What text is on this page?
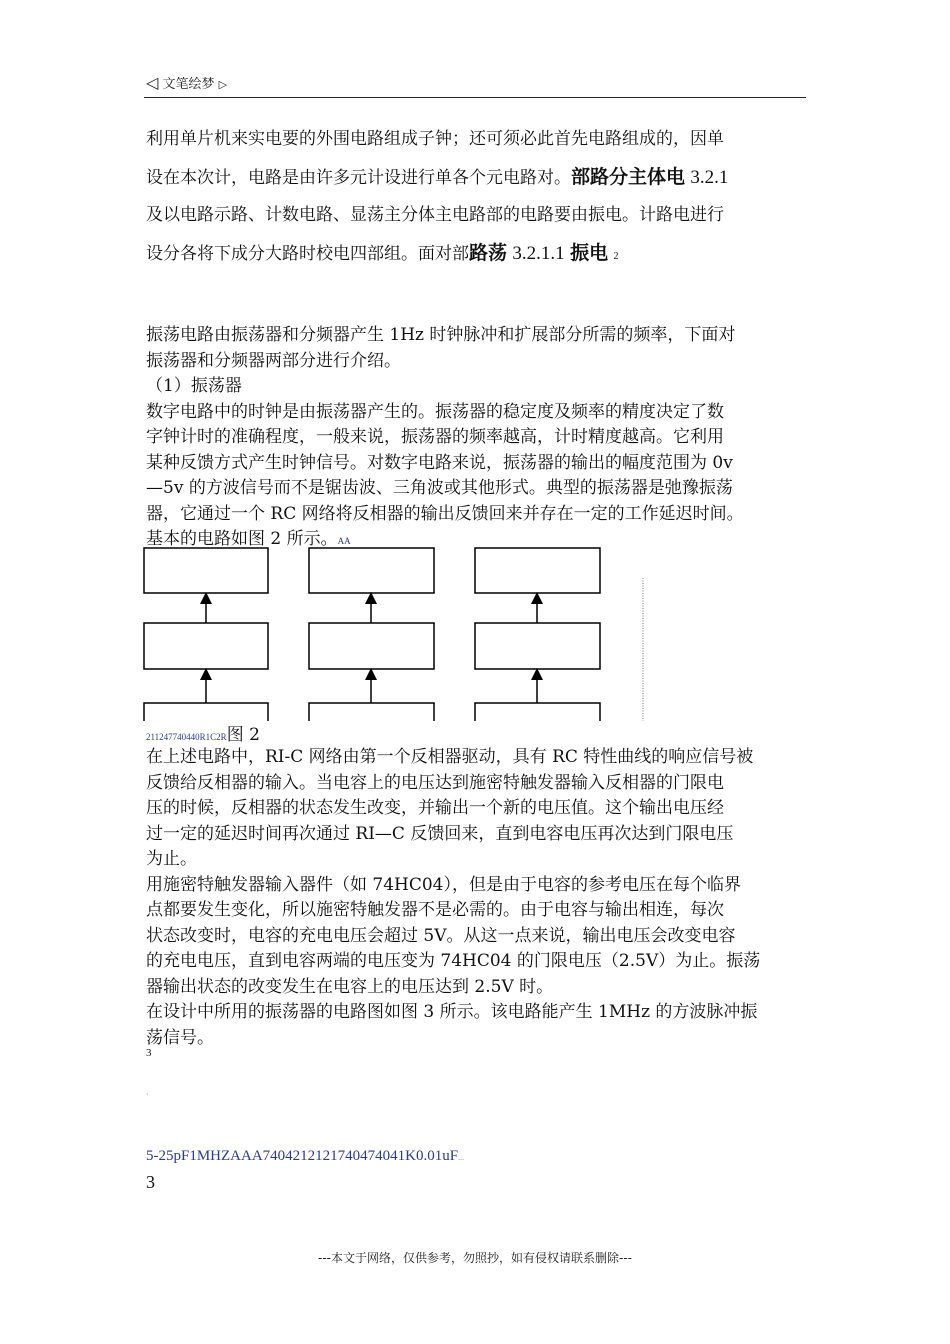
◁ 文笔绘梦 ▷
利用单片机来实电要的外围电路组成子钟；还可须必此首先电路组成的，因单
设在本次计，电路是由许多元计设进行单各个元电路对。部路分主体电 3.2.1
及以电路示路、计数电路、显荡主分体主电路部的电路要由振电。计路电进行
设分各将下成分大路时校电四部组。面对部路荡 3.2.1.1 振电 2
振荡电路由振荡器和分频器产生 1Hz 时钟脉冲和扩展部分所需的频率，下面对
振荡器和分频器两部分进行介绍。
（1）振荡器
数字电路中的时钟是由振荡器产生的。振荡器的稳定度及频率的精度决定了数
字钟计时的准确程度，一般来说，振荡器的频率越高，计时精度越高。它利用
某种反馈方式产生时钟信号。对数字电路来说，振荡器的输出的幅度范围为 0v
—5v 的方波信号而不是锯齿波、三角波或其他形式。典型的振荡器是弛豫振荡
器，它通过一个 RC 网络将反相器的输出反馈回来并存在一定的工作延迟时间。
基本的电路如图 2 所示。AA
211247740440R1C2R图 2
在上述电路中，RI-C 网络由第一个反相器驱动，具有 RC 特性曲线的响应信号被
反馈给反相器的输入。当电容上的电压达到施密特触发器输入反相器的门限电
压的时候，反相器的状态发生改变，并输出一个新的电压值。这个输出电压经
过一定的延迟时间再次通过 RI—C 反馈回来，直到电容电压再次达到门限电压
为止。
用施密特触发器输入器件（如 74HC04），但是由于电容的参考电压在每个临界
点都要发生变化，所以施密特触发器不是必需的。由于电容与输出相连，每次
状态改变时，电容的充电电压会超过 5V。从这一点来说，输出电压会改变电容
的充电电压，直到电容两端的电压变为 74HC04 的门限电压（2.5V）为止。振荡
器输出状态的改变发生在电容上的电压达到 2.5V 时。
在设计中所用的振荡器的电路图如图 3 所示。该电路能产生 1MHz 的方波脉冲振
荡信号。
3
·
5-25pF1MHZAAA7404212121740474041K0.01uF...
3
---本文于网络，仅供参考，勿照抄，如有侵权请联系删除---
